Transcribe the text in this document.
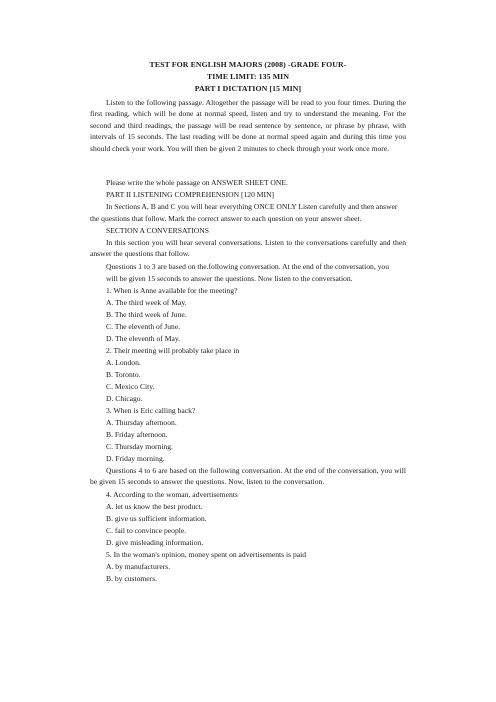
TEST FOR ENGLISH MAJORS (2008) -GRADE FOUR-
TIME LIMIT: 135 MIN
PART I DICTATION [15 MIN]
Listen to the following passage. Altogether the passage will be read to you four times. During the first reading, which will be done at normal speed, listen and try to understand the meaning. For the second and third readings, the passage will be read sentence by sentence, or phrase by phrase, with intervals of 15 seconds. The last reading will be done at normal speed again and during this time you should check your work. You will then be given 2 minutes to check through your work once more.
Please write the whole passage on ANSWER SHEET ONE.
PART II LISTENING COMPREHENSION [120 MIN]
In Sections A, B and C you will hear everything ONCE ONLY Listen carefully and then answer
the questions that follow. Mark the correct answer to each question on your answer sheet.
SECTION A CONVERSATIONS
In this section you will hear several conversations. Listen to the conversations carefully and then answer the questions that follow.
Questions 1 to 3 are based on the.following conversation. At the end of the conversation, you
will be given 15 seconds to answer the questions. Now listen to the conversation.
1. When is Anne available for the meeting?
A. The third week of May.
B. The third week of June.
C. The eleventh of June.
D. The eleventh of May.
2. Their meeting will probably take place in
A. London.
B. Toronto.
C. Mexico City.
D. Chicago.
3. When is Eric calling back?
A. Thursday afternoon.
B. Friday afternoon.
C. Thursday morning.
D. Friday morning.
Questions 4 to 6 are based on the following conversation. At the end of the conversation, you will be given 15 seconds to answer the questions. Now, listen to the conversation.
4. According to the woman, advertisements
A. let us know the best product.
B. give us sufficient information.
C. fail to convince people.
D. give misleading information.
5. In the woman's opinion, money spent on advertisements is paid
A. by manufacturers.
B. by customers.
